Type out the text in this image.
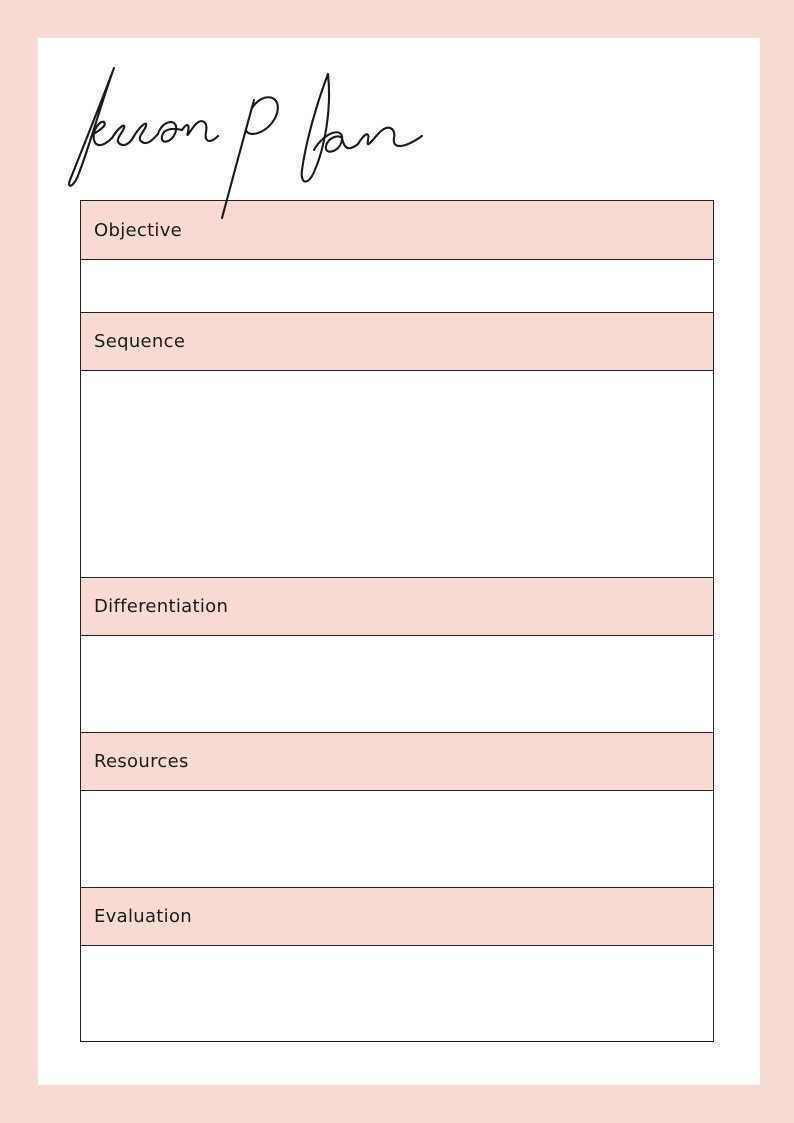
Objective
Sequence
Differentiation
Resources
Evaluation
